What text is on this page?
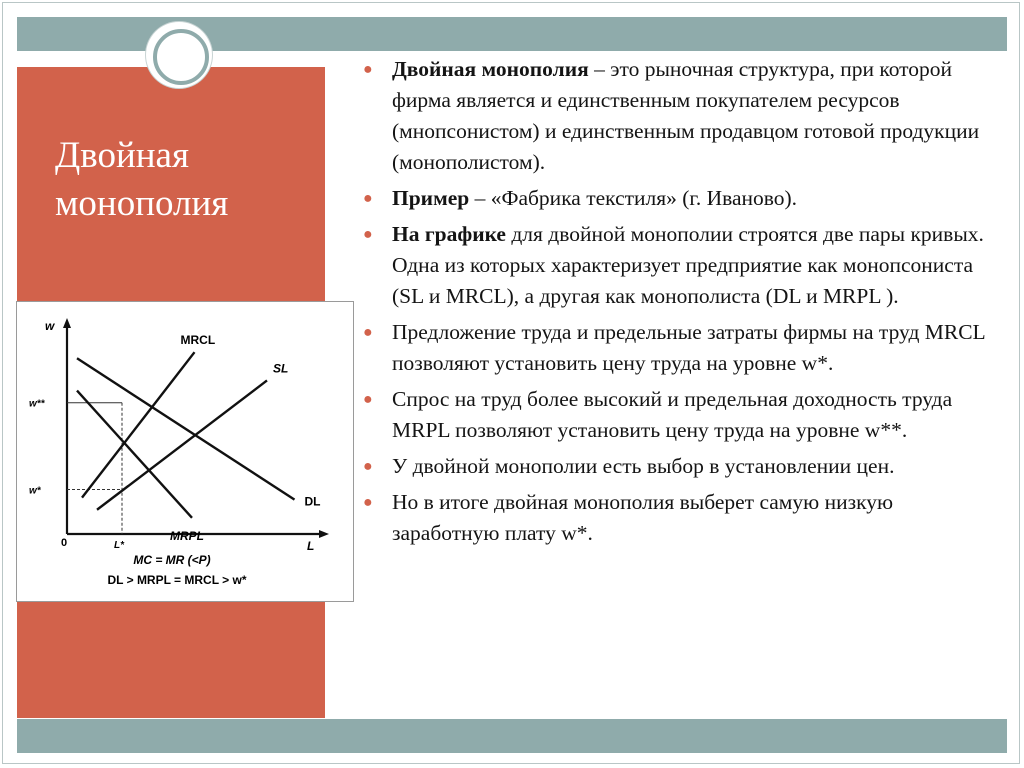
Двойная
монополия
● Двойная монополия – это рыночная структура, при которой фирма является и единственным покупателем ресурсов (мнопсонистом) и единственным продавцом готовой продукции (монополистом).
● Пример – «Фабрика текстиля» (г. Иваново).
● На графике для двойной монополии строятся две пары кривых. Одна из которых характеризует предприятие как монопсониста (SL и MRCL), а другая как монополиста (DL и MRPL ).
● Предложение труда и предельные затраты фирмы на труд MRCL позволяют установить цену труда на уровне w*.
● Спрос на труд более высокий и предельная доходность труда MRPL позволяют установить цену труда на уровне w**.
● У двойной монополии есть выбор в установлении цен.
● Но в итоге двойная монополия выберет самую низкую заработную плату w*.
w
L
0
w**
w*
L*
MRCL
SL
DL
MRPL
MC = MR (<P)
DL > MRPL = MRCL > w*
